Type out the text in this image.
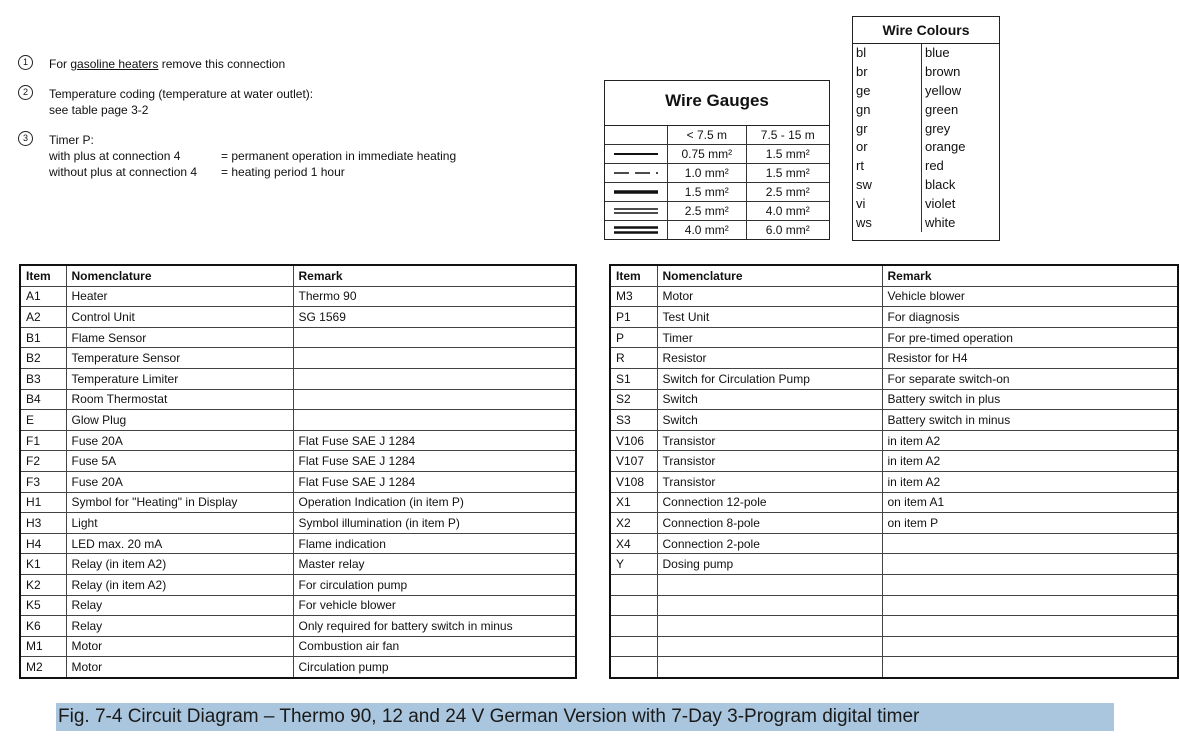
1	For gasoline heaters remove this connection
2	Temperature coding (temperature at water outlet):
see table page 3-2
3	Timer P:
with plus at connection 4	= permanent operation in immediate heating
without plus at connection 4 = heating period 1 hour
Wire Gauges
	< 7.5 m	7.5 - 15 m

	0.75 mm²	1.5 mm²

	1.0 mm²	1.5 mm²

	1.5 mm²	2.5 mm²

	2.5 mm²	4.0 mm²

	4.0 mm²	6.0 mm²
Wire Colours
bl	blue
br	brown
ge	yellow
gn	green
gr	grey
or	orange
rt	red
sw	black
vi	violet
ws	white
Item	Nomenclature	Remark
A1	Heater	Thermo 90
A2	Control Unit	SG 1569
B1	Flame Sensor	
B2	Temperature Sensor	
B3	Temperature Limiter	
B4	Room Thermostat	
E	Glow Plug	
F1	Fuse 20A	Flat Fuse SAE J 1284
F2	Fuse 5A	Flat Fuse SAE J 1284
F3	Fuse 20A	Flat Fuse SAE J 1284
H1	Symbol for "Heating" in Display	Operation Indication (in item P)
H3	Light	Symbol illumination (in item P)
H4	LED max. 20 mA	Flame indication
K1	Relay (in item A2)	Master relay
K2	Relay (in item A2)	For circulation pump
K5	Relay	For vehicle blower
K6	Relay	Only required for battery switch in minus
M1	Motor	Combustion air fan
M2	Motor	Circulation pump
Item	Nomenclature	Remark
M3	Motor	Vehicle blower
P1	Test Unit	For diagnosis
P	Timer	For pre-timed operation
R	Resistor	Resistor for H4
S1	Switch for Circulation Pump	For separate switch-on
S2	Switch	Battery switch in plus
S3	Switch	Battery switch in minus
V106	Transistor	in item A2
V107	Transistor	in item A2
V108	Transistor	in item A2
X1	Connection 12-pole	on item A1
X2	Connection 8-pole	on item P
X4	Connection 2-pole	
Y	Dosing pump	

Fig. 7-4 Circuit Diagram – Thermo 90, 12 and 24 V German Version with 7-Day 3-Program digital timer
